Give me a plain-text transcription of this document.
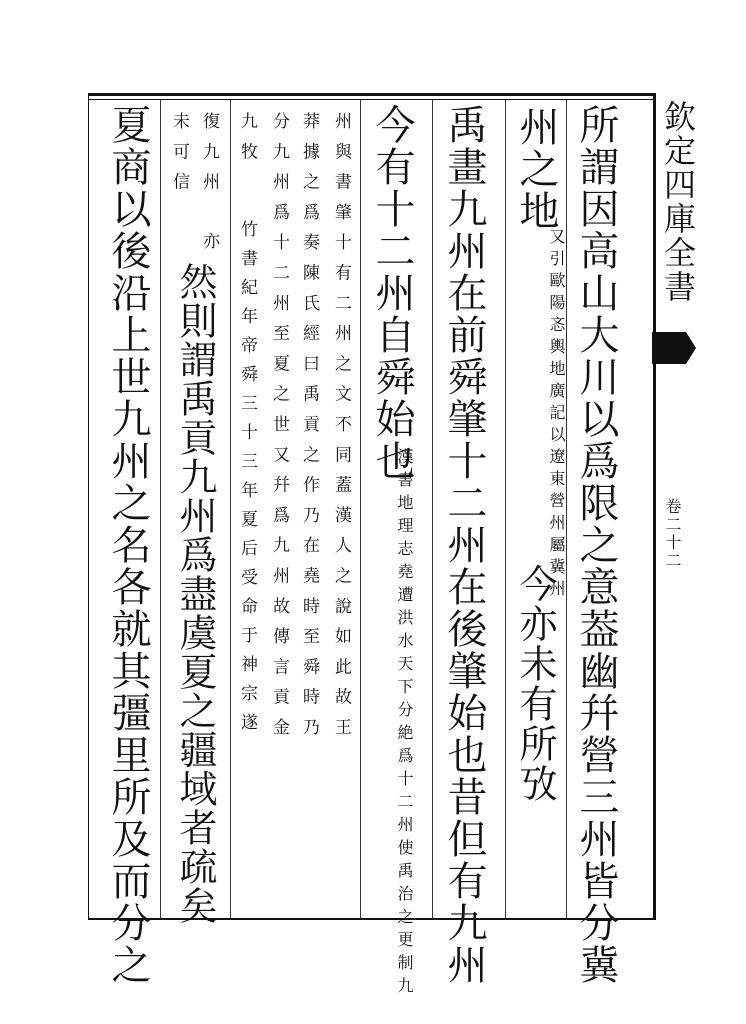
欽定四庫全書
卷二十二
所謂因高山大川以爲限之意葢幽幷營三州皆分冀
州之地
又引歐陽忞輿地廣記以遼東營州屬冀州
今亦未有所攷
禹畫九州在前舜肇十二州在後肇始也昔但有九州
今有十二州自舜始也
漢書地理志堯遭洪水天下分絶爲十二州使禹治之更制九
州與書肇十有二州之文不同蓋漢人之說如此故王
莽據之爲奏陳氏經曰禹貢之作乃在堯時至舜時乃
分九州爲十二州至夏之世又幷爲九州故傳言貢金
九牧
竹書紀年帝舜三十三年夏后受命于神宗遂
復九州
亦
然則謂禹貢九州爲盡虞夏之疆域者疏矣
未可信
夏商以後沿上世九州之名各就其彊里所及而分之
